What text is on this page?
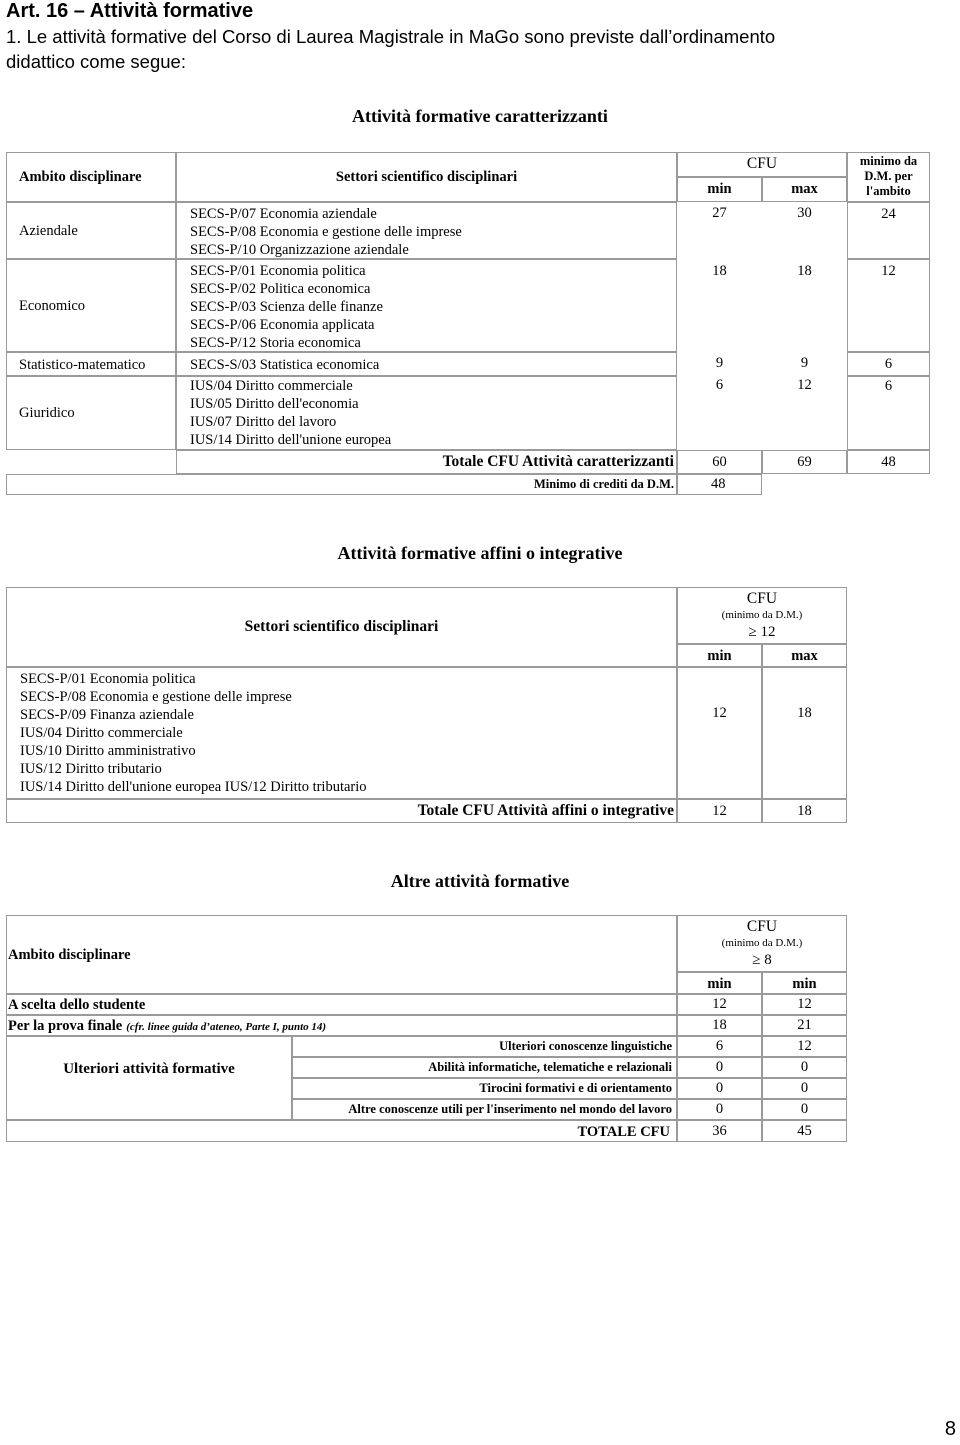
Art. 16 – Attività formative
1. Le attività formative del Corso di Laurea Magistrale in MaGo sono previste dall’ordinamento
didattico come segue:
Attività formative caratterizzanti
Ambito disciplinare	Settori scientifico disciplinari
CFU
min	max
minimo da
D.M. per
l'ambito
Aziendale
SECS-P/07 Economia aziendale
SECS-P/08 Economia e gestione delle imprese
SECS-P/10 Organizzazione aziendale
27	30	24
Economico
SECS-P/01 Economia politica
SECS-P/02 Politica economica
SECS-P/03 Scienza delle finanze
SECS-P/06 Economia applicata
SECS-P/12 Storia economica
18	18	12
Statistico-matematico	SECS-S/03 Statistica economica	9	9	6
Giuridico
IUS/04 Diritto commerciale
IUS/05 Diritto dell'economia
IUS/07 Diritto del lavoro
IUS/14 Diritto dell'unione europea
6	12	6
Totale CFU Attività caratterizzanti	60	69	48
Minimo di crediti da D.M.	48
Attività formative affini o integrative
Settori scientifico disciplinari
CFU
(minimo da D.M.)
≥ 12
min	max
SECS-P/01 Economia politica
SECS-P/08 Economia e gestione delle imprese
SECS-P/09 Finanza aziendale
IUS/04 Diritto commerciale
IUS/10 Diritto amministrativo
IUS/12 Diritto tributario
IUS/14 Diritto dell'unione europea IUS/12 Diritto tributario
12	18
Totale CFU Attività affini o integrative	12	18
Altre attività formative
Ambito disciplinare
CFU
(minimo da D.M.)
≥ 8
min	min
A scelta dello studente	12	12
Per la prova finale (cfr. linee guida d’ateneo, Parte I, punto 14)	18	21
Ulteriori attività formative
Ulteriori conoscenze linguistiche	6	12
Abilità informatiche, telematiche e relazionali	0	0
Tirocini formativi e di orientamento	0	0
Altre conoscenze utili per l'inserimento nel mondo del lavoro	0	0
TOTALE CFU	36	45
8
